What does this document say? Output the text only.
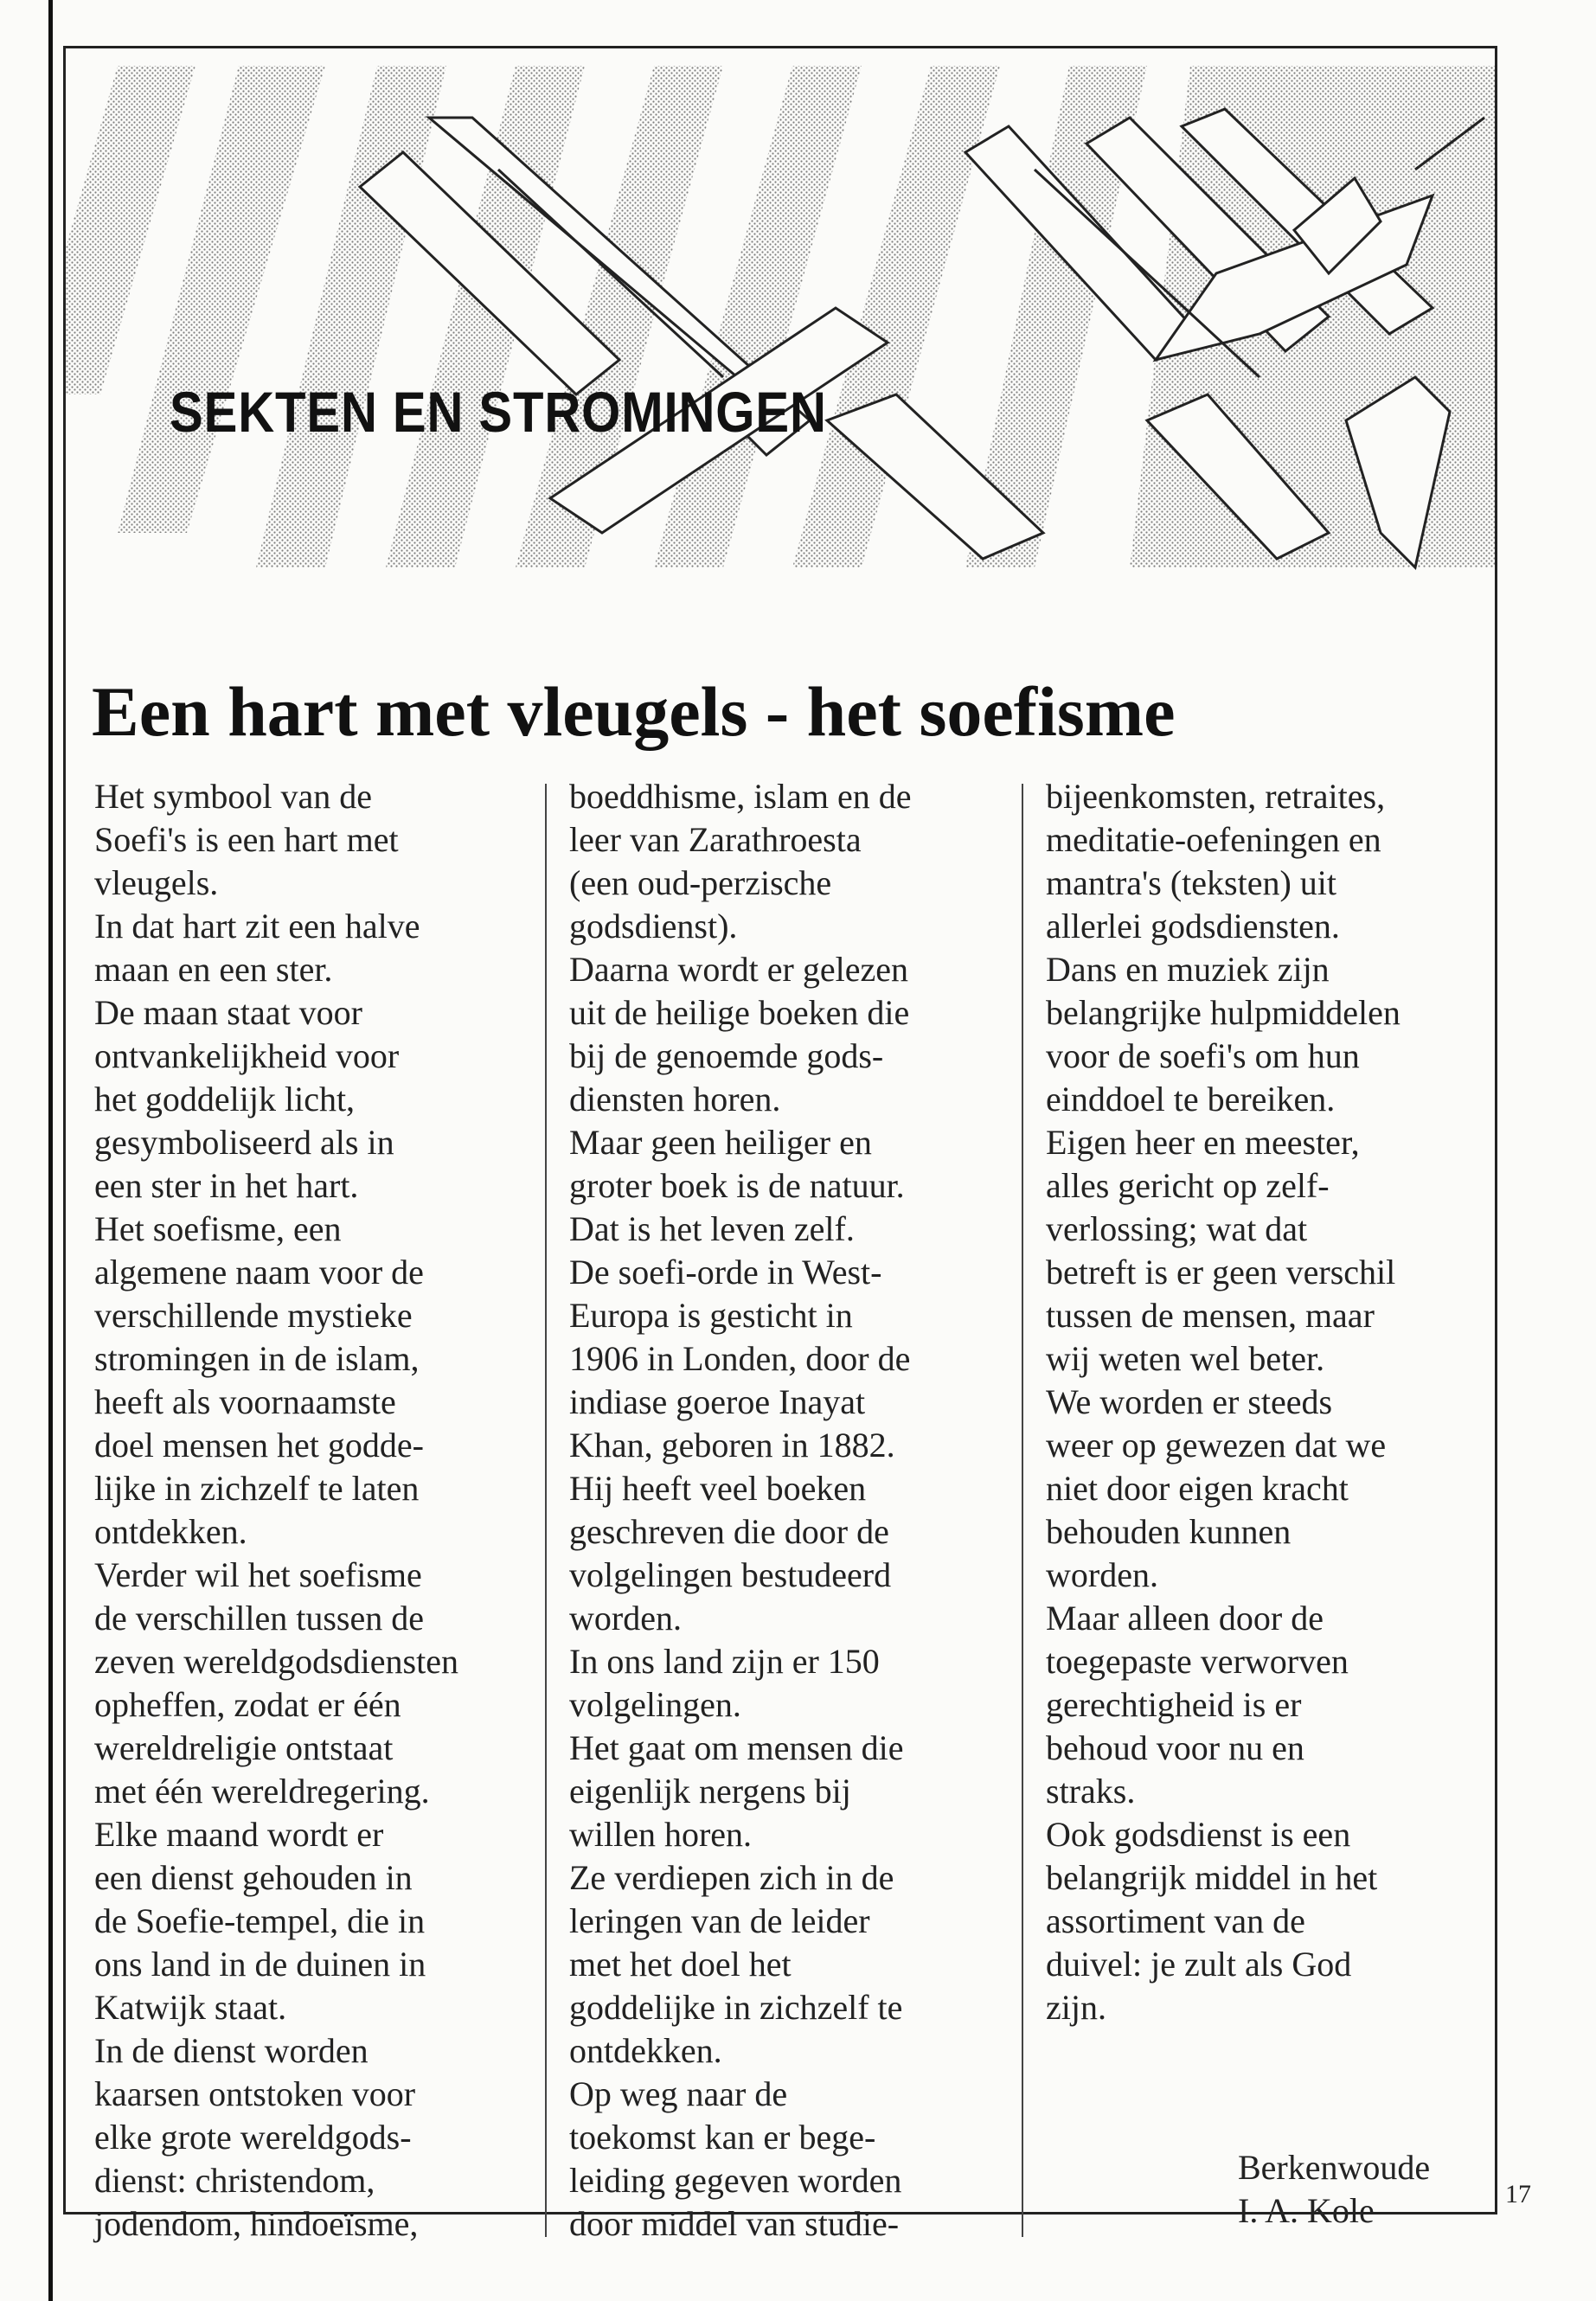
SEKTEN EN STROMINGEN
Een hart met vleugels - het soefisme
Het symbool van de
Soefi's is een hart met
vleugels.
In dat hart zit een halve
maan en een ster.
De maan staat voor
ontvankelijkheid voor
het goddelijk licht,
gesymboliseerd als in
een ster in het hart.
Het soefisme, een
algemene naam voor de
verschillende mystieke
stromingen in de islam,
heeft als voornaamste
doel mensen het godde-
lijke in zichzelf te laten
ontdekken.
Verder wil het soefisme
de verschillen tussen de
zeven wereldgodsdiensten
opheffen, zodat er één
wereldreligie ontstaat
met één wereldregering.
Elke maand wordt er
een dienst gehouden in
de Soefie-tempel, die in
ons land in de duinen in
Katwijk staat.
In de dienst worden
kaarsen ontstoken voor
elke grote wereldgods-
dienst: christendom,
jodendom, hindoeïsme,
boeddhisme, islam en de
leer van Zarathroesta
(een oud-perzische
godsdienst).
Daarna wordt er gelezen
uit de heilige boeken die
bij de genoemde gods-
diensten horen.
Maar geen heiliger en
groter boek is de natuur.
Dat is het leven zelf.
De soefi-orde in West-
Europa is gesticht in
1906 in Londen, door de
indiase goeroe Inayat
Khan, geboren in 1882.
Hij heeft veel boeken
geschreven die door de
volgelingen bestudeerd
worden.
In ons land zijn er 150
volgelingen.
Het gaat om mensen die
eigenlijk nergens bij
willen horen.
Ze verdiepen zich in de
leringen van de leider
met het doel het
goddelijke in zichzelf te
ontdekken.
Op weg naar de
toekomst kan er bege-
leiding gegeven worden
door middel van studie-
bijeenkomsten, retraites,
meditatie-oefeningen en
mantra's (teksten) uit
allerlei godsdiensten.
Dans en muziek zijn
belangrijke hulpmiddelen
voor de soefi's om hun
einddoel te bereiken.
Eigen heer en meester,
alles gericht op zelf-
verlossing; wat dat
betreft is er geen verschil
tussen de mensen, maar
wij weten wel beter.
We worden er steeds
weer op gewezen dat we
niet door eigen kracht
behouden kunnen
worden.
Maar alleen door de
toegepaste verworven
gerechtigheid is er
behoud voor nu en
straks.
Ook godsdienst is een
belangrijk middel in het
assortiment van de
duivel: je zult als God
zijn.
Berkenwoude
I. A. Kole	17
